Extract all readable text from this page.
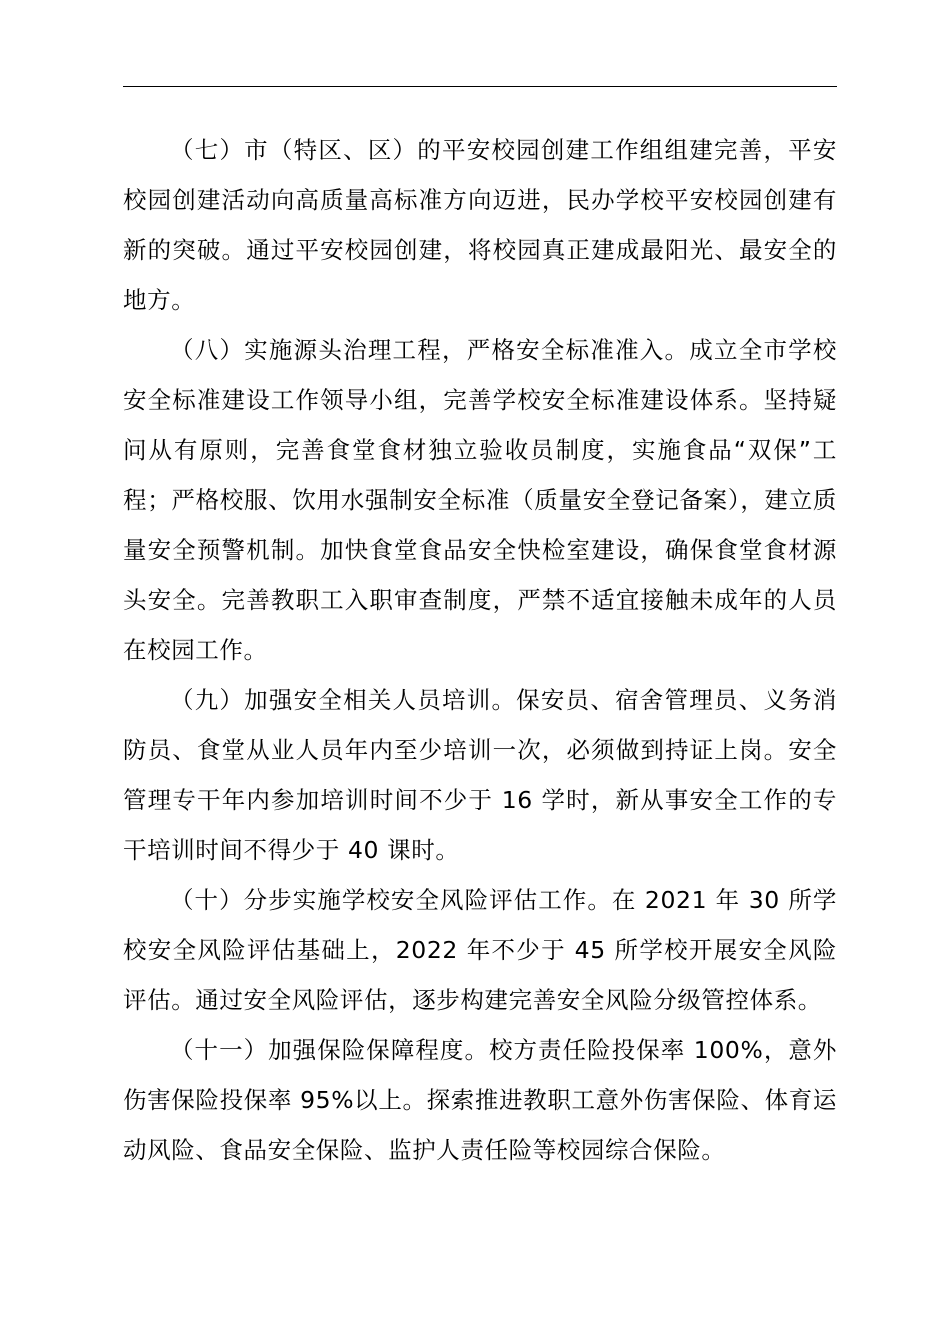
（七）市（特区、区）的平安校园创建工作组组建完善，平安校园创建活动向高质量高标准方向迈进，民办学校平安校园创建有新的突破。通过平安校园创建，将校园真正建成最阳光、最安全的地方。

（八）实施源头治理工程，严格安全标准准入。成立全市学校安全标准建设工作领导小组，完善学校安全标准建设体系。坚持疑问从有原则，完善食堂食材独立验收员制度，实施食品“双保”工程；严格校服、饮用水强制安全标准（质量安全登记备案），建立质量安全预警机制。加快食堂食品安全快检室建设，确保食堂食材源头安全。完善教职工入职审查制度，严禁不适宜接触未成年的人员在校园工作。

（九）加强安全相关人员培训。保安员、宿舍管理员、义务消防员、食堂从业人员年内至少培训一次，必须做到持证上岗。安全管理专干年内参加培训时间不少于 16 学时，新从事安全工作的专干培训时间不得少于 40 课时。

（十）分步实施学校安全风险评估工作。在 2021 年 30 所学校安全风险评估基础上，2022 年不少于 45 所学校开展安全风险评估。通过安全风险评估，逐步构建完善安全风险分级管控体系。

（十一）加强保险保障程度。校方责任险投保率 100%，意外伤害保险投保率 95%以上。探索推进教职工意外伤害保险、体育运动风险、食品安全保险、监护人责任险等校园综合保险。
